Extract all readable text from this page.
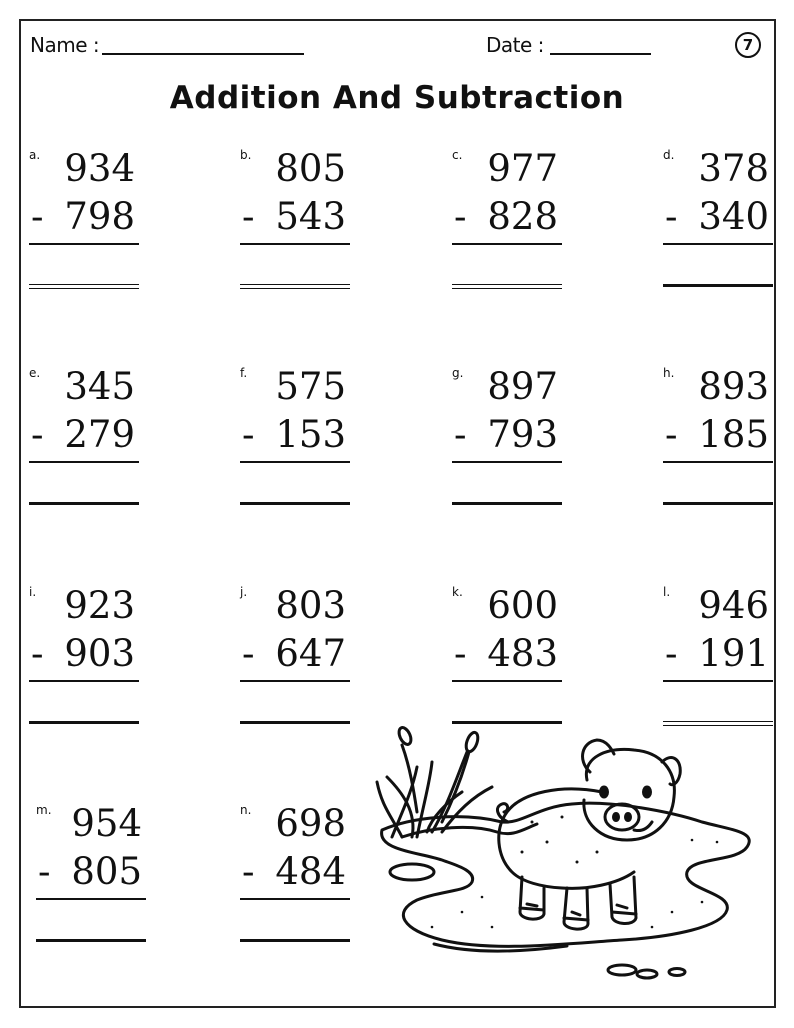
Name :	Date :	7
Addition And Subtraction
a. 934
- 798
b. 805
- 543
c. 977
- 828
d. 378
- 340
e. 345
- 279
f. 575
- 153
g. 897
- 793
h. 893
- 185
i. 923
- 903
j. 803
- 647
k. 600
- 483
l. 946
- 191
m. 954
- 805
n. 698
- 484
